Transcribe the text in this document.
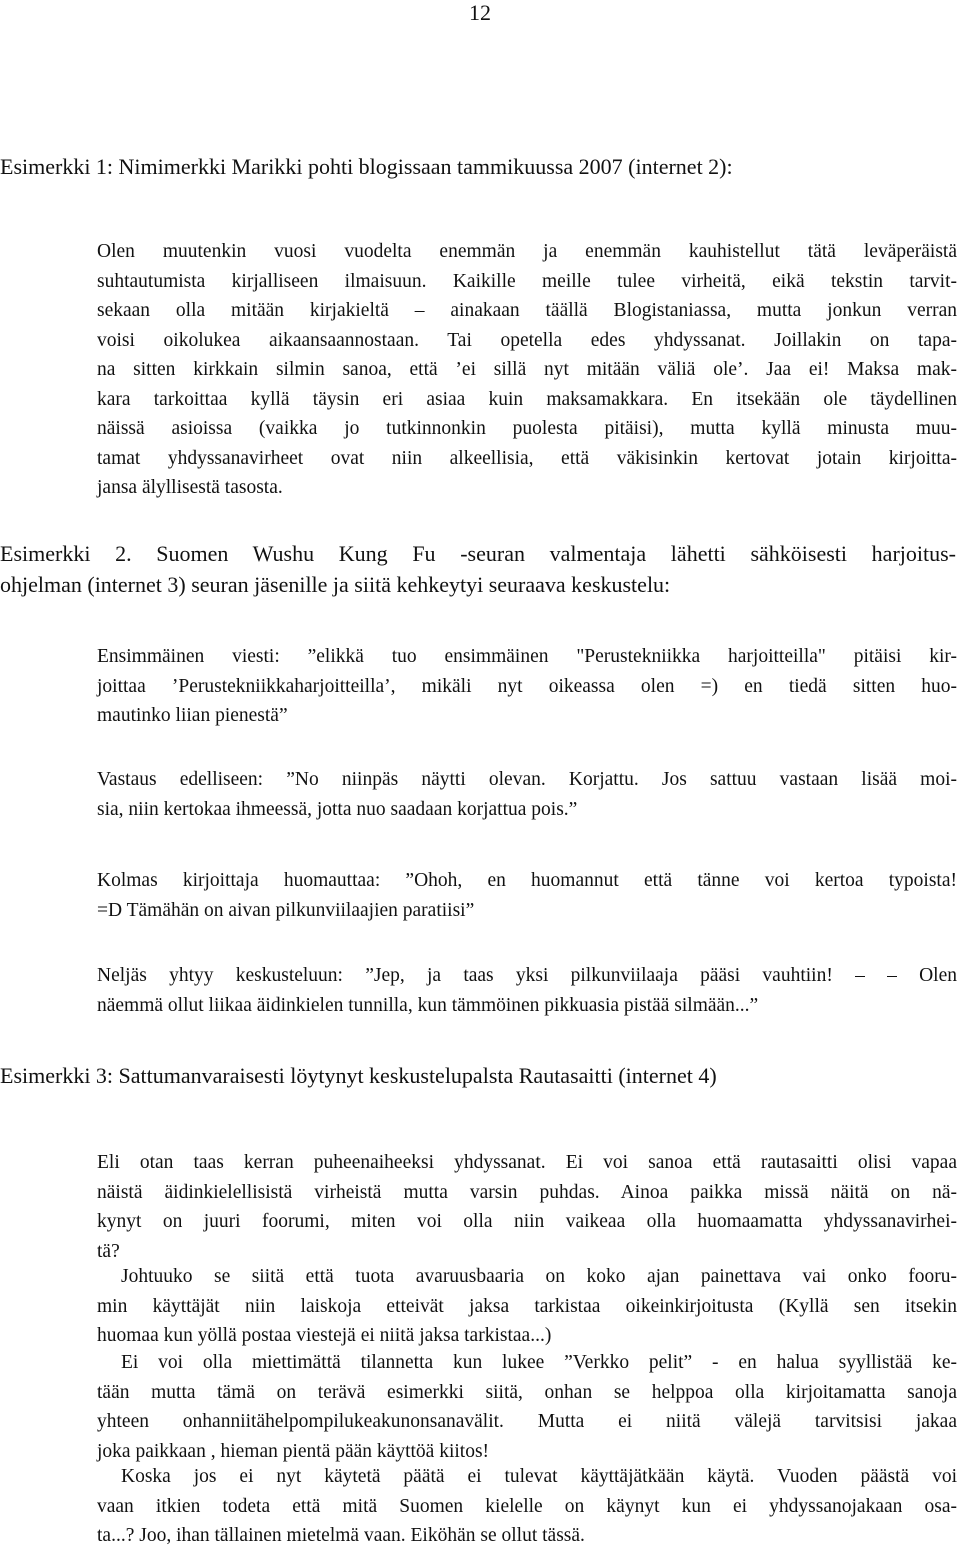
12
Esimerkki 1: Nimimerkki Marikki pohti blogissaan tammikuussa 2007 (internet 2):
Olen muutenkin vuosi vuodelta enemmän ja enemmän kauhistellut tätä leväperäistä
suhtautumista kirjalliseen ilmaisuun. Kaikille meille tulee virheitä, eikä tekstin tarvit-
sekaan olla mitään kirjakieltä – ainakaan täällä Blogistaniassa, mutta jonkun verran
voisi oikolukea aikaansaannostaan. Tai opetella edes yhdyssanat. Joillakin on tapa-
na sitten kirkkain silmin sanoa, että ’ei sillä nyt mitään väliä ole’. Jaa ei! Maksa mak-
kara tarkoittaa kyllä täysin eri asiaa kuin maksamakkara. En itsekään ole täydellinen
näissä asioissa (vaikka jo tutkinnonkin puolesta pitäisi), mutta kyllä minusta muu-
tamat yhdyssanavirheet ovat niin alkeellisia, että väkisinkin kertovat jotain kirjoitta-
jansa älyllisestä tasosta.
Esimerkki 2. Suomen Wushu Kung Fu -seuran valmentaja lähetti sähköisesti harjoitus-
ohjelman (internet 3) seuran jäsenille ja siitä kehkeytyi seuraava keskustelu:
Ensimmäinen viesti: ”elikkä tuo ensimmäinen "Perustekniikka harjoitteilla" pitäisi kir-
joittaa ’Perustekniikkaharjoitteilla’, mikäli nyt oikeassa olen =) en tiedä sitten huo-
mautinko liian pienestä”
Vastaus edelliseen: ”No niinpäs näytti olevan. Korjattu. Jos sattuu vastaan lisää moi-
sia, niin kertokaa ihmeessä, jotta nuo saadaan korjattua pois.”
Kolmas kirjoittaja huomauttaa: ”Ohoh, en huomannut että tänne voi kertoa typoista!
=D Tämähän on aivan pilkunviilaajien paratiisi”
Neljäs yhtyy keskusteluun: ”Jep, ja taas yksi pilkunviilaaja pääsi vauhtiin! – – Olen
näemmä ollut liikaa äidinkielen tunnilla, kun tämmöinen pikkuasia pistää silmään...”
Esimerkki 3: Sattumanvaraisesti löytynyt keskustelupalsta Rautasaitti (internet 4)
Eli otan taas kerran puheenaiheeksi yhdyssanat. Ei voi sanoa että rautasaitti olisi vapaa
näistä äidinkielellisistä virheistä mutta varsin puhdas. Ainoa paikka missä näitä on nä-
kynyt on juuri foorumi, miten voi olla niin vaikeaa olla huomaamatta yhdyssanavirhei-
tä?
Johtuuko se siitä että tuota avaruusbaaria on koko ajan painettava vai onko fooru-
min käyttäjät niin laiskoja etteivät jaksa tarkistaa oikeinkirjoitusta (Kyllä sen itsekin
huomaa kun yöllä postaa viestejä ei niitä jaksa tarkistaa...)
Ei voi olla miettimättä tilannetta kun lukee ”Verkko pelit” - en halua syyllistää ke-
tään mutta tämä on terävä esimerkki siitä, onhan se helppoa olla kirjoitamatta sanoja
yhteen onhanniitähelpompilukeakunonsanavälit. Mutta ei niitä välejä tarvitsisi jakaa
joka paikkaan , hieman pientä pään käyttöä kiitos!
Koska jos ei nyt käytetä päätä ei tulevat käyttäjätkään käytä. Vuoden päästä voi
vaan itkien todeta että mitä Suomen kielelle on käynyt kun ei yhdyssanojakaan osa-
ta...? Joo, ihan tällainen mietelmä vaan. Eiköhän se ollut tässä.
